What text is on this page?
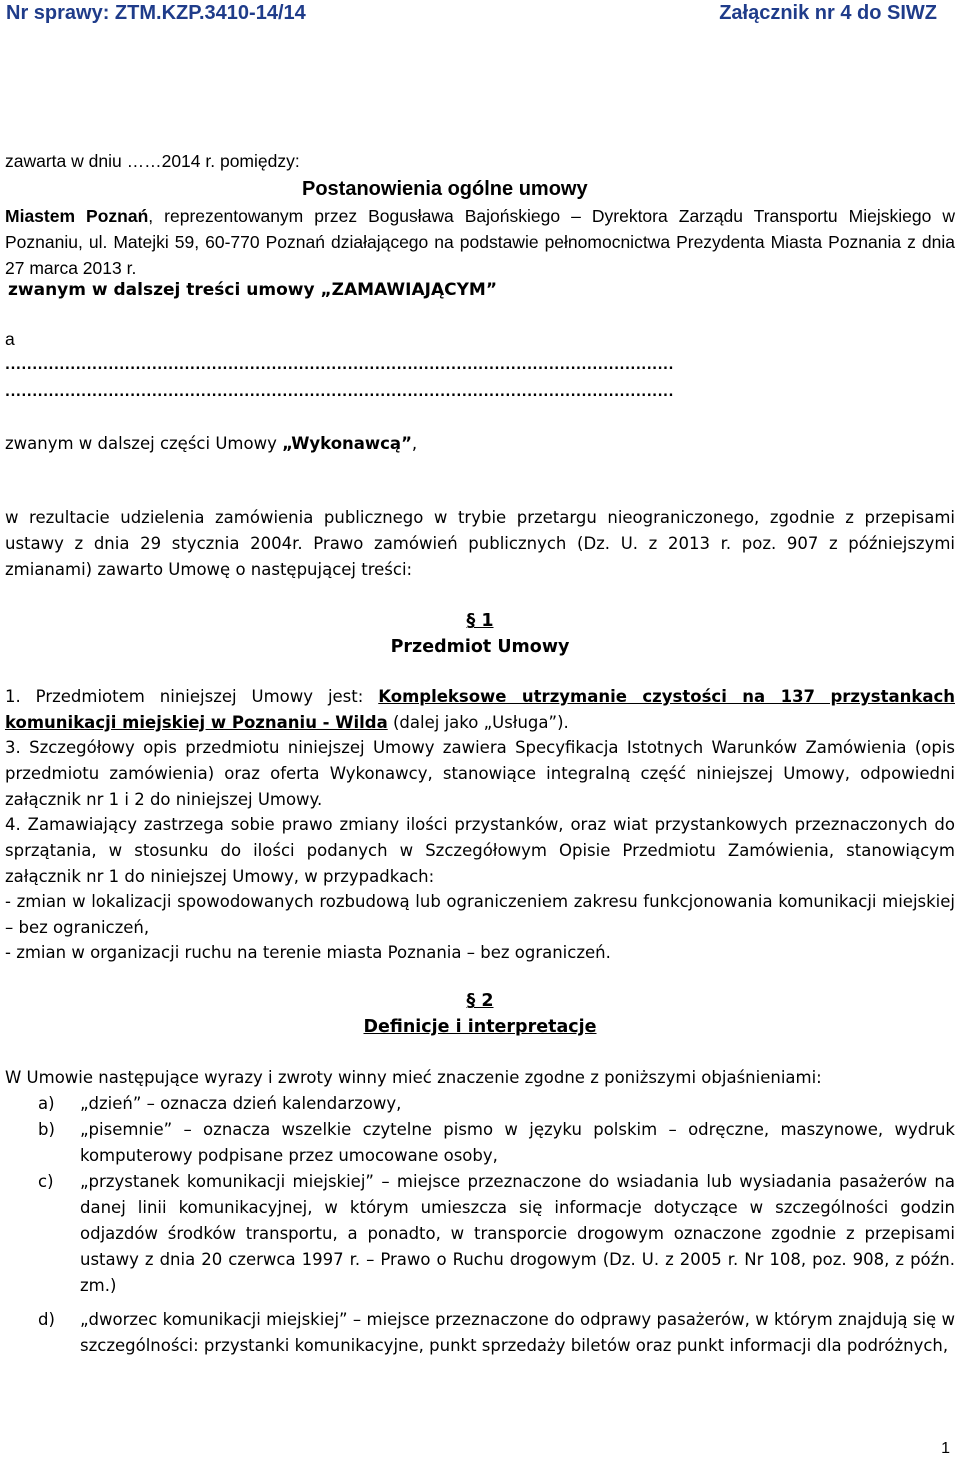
Nr sprawy: ZTM.KZP.3410-14/14	Załącznik nr 4 do SIWZ
Postanowienia ogólne umowy

zawarta w dniu ……2014 r. pomiędzy:

Miastem Poznań, reprezentowanym przez Bogusława Bajońskiego – Dyrektora Zarządu Transportu Miejskiego w Poznaniu, ul. Matejki 59, 60-770 Poznań działającego na podstawie pełnomocnictwa Prezydenta Miasta Poznania z dnia 27 marca 2013 r.

zwanym w dalszej treści umowy „ZAMAWIAJĄCYM”

a

...........................................................................................................................

...........................................................................................................................

zwanym w dalszej części Umowy „Wykonawcą”,

w rezultacie udzielenia zamówienia publicznego w trybie przetargu nieograniczonego, zgodnie z przepisami ustawy z dnia 29 stycznia 2004r. Prawo zamówień publicznych (Dz. U. z 2013 r. poz. 907 z późniejszymi zmianami) zawarto Umowę o następującej treści:

§ 1
Przedmiot Umowy

1. Przedmiotem niniejszej Umowy jest: Kompleksowe utrzymanie czystości na 137 przystankach komunikacji miejskiej w Poznaniu - Wilda (dalej jako „Usługa”).

3. Szczegółowy opis przedmiotu niniejszej Umowy zawiera Specyfikacja Istotnych Warunków Zamówienia (opis przedmiotu zamówienia) oraz oferta Wykonawcy, stanowiące integralną część niniejszej Umowy, odpowiedni załącznik nr 1 i 2 do niniejszej Umowy.

4. Zamawiający zastrzega sobie prawo zmiany ilości przystanków, oraz wiat przystankowych przeznaczonych do sprzątania, w stosunku do ilości podanych w Szczegółowym Opisie Przedmiotu Zamówienia, stanowiącym załącznik nr 1 do niniejszej Umowy, w przypadkach:

- zmian w lokalizacji spowodowanych rozbudową lub ograniczeniem zakresu funkcjonowania komunikacji miejskiej – bez ograniczeń,

- zmian w organizacji ruchu na terenie miasta Poznania – bez ograniczeń.

§ 2
Definicje i interpretacje

W Umowie następujące wyrazy i zwroty winny mieć znaczenie zgodne z poniższymi objaśnieniami:

a) „dzień” – oznacza dzień kalendarzowy,
b) „pisemnie” – oznacza wszelkie czytelne pismo w języku polskim – odręczne, maszynowe, wydruk komputerowy podpisane przez umocowane osoby,
c) „przystanek komunikacji miejskiej” – miejsce przeznaczone do wsiadania lub wysiadania pasażerów na danej linii komunikacyjnej, w którym umieszcza się informacje dotyczące w szczególności godzin odjazdów środków transportu, a ponadto, w transporcie drogowym oznaczone zgodnie z przepisami ustawy z dnia 20 czerwca 1997 r. – Prawo o Ruchu drogowym (Dz. U. z 2005 r. Nr 108, poz. 908, z późn. zm.)
d) „dworzec komunikacji miejskiej” – miejsce przeznaczone do odprawy pasażerów, w którym znajdują się w szczególności: przystanki komunikacyjne, punkt sprzedaży biletów oraz punkt informacji dla podróżnych,
1
